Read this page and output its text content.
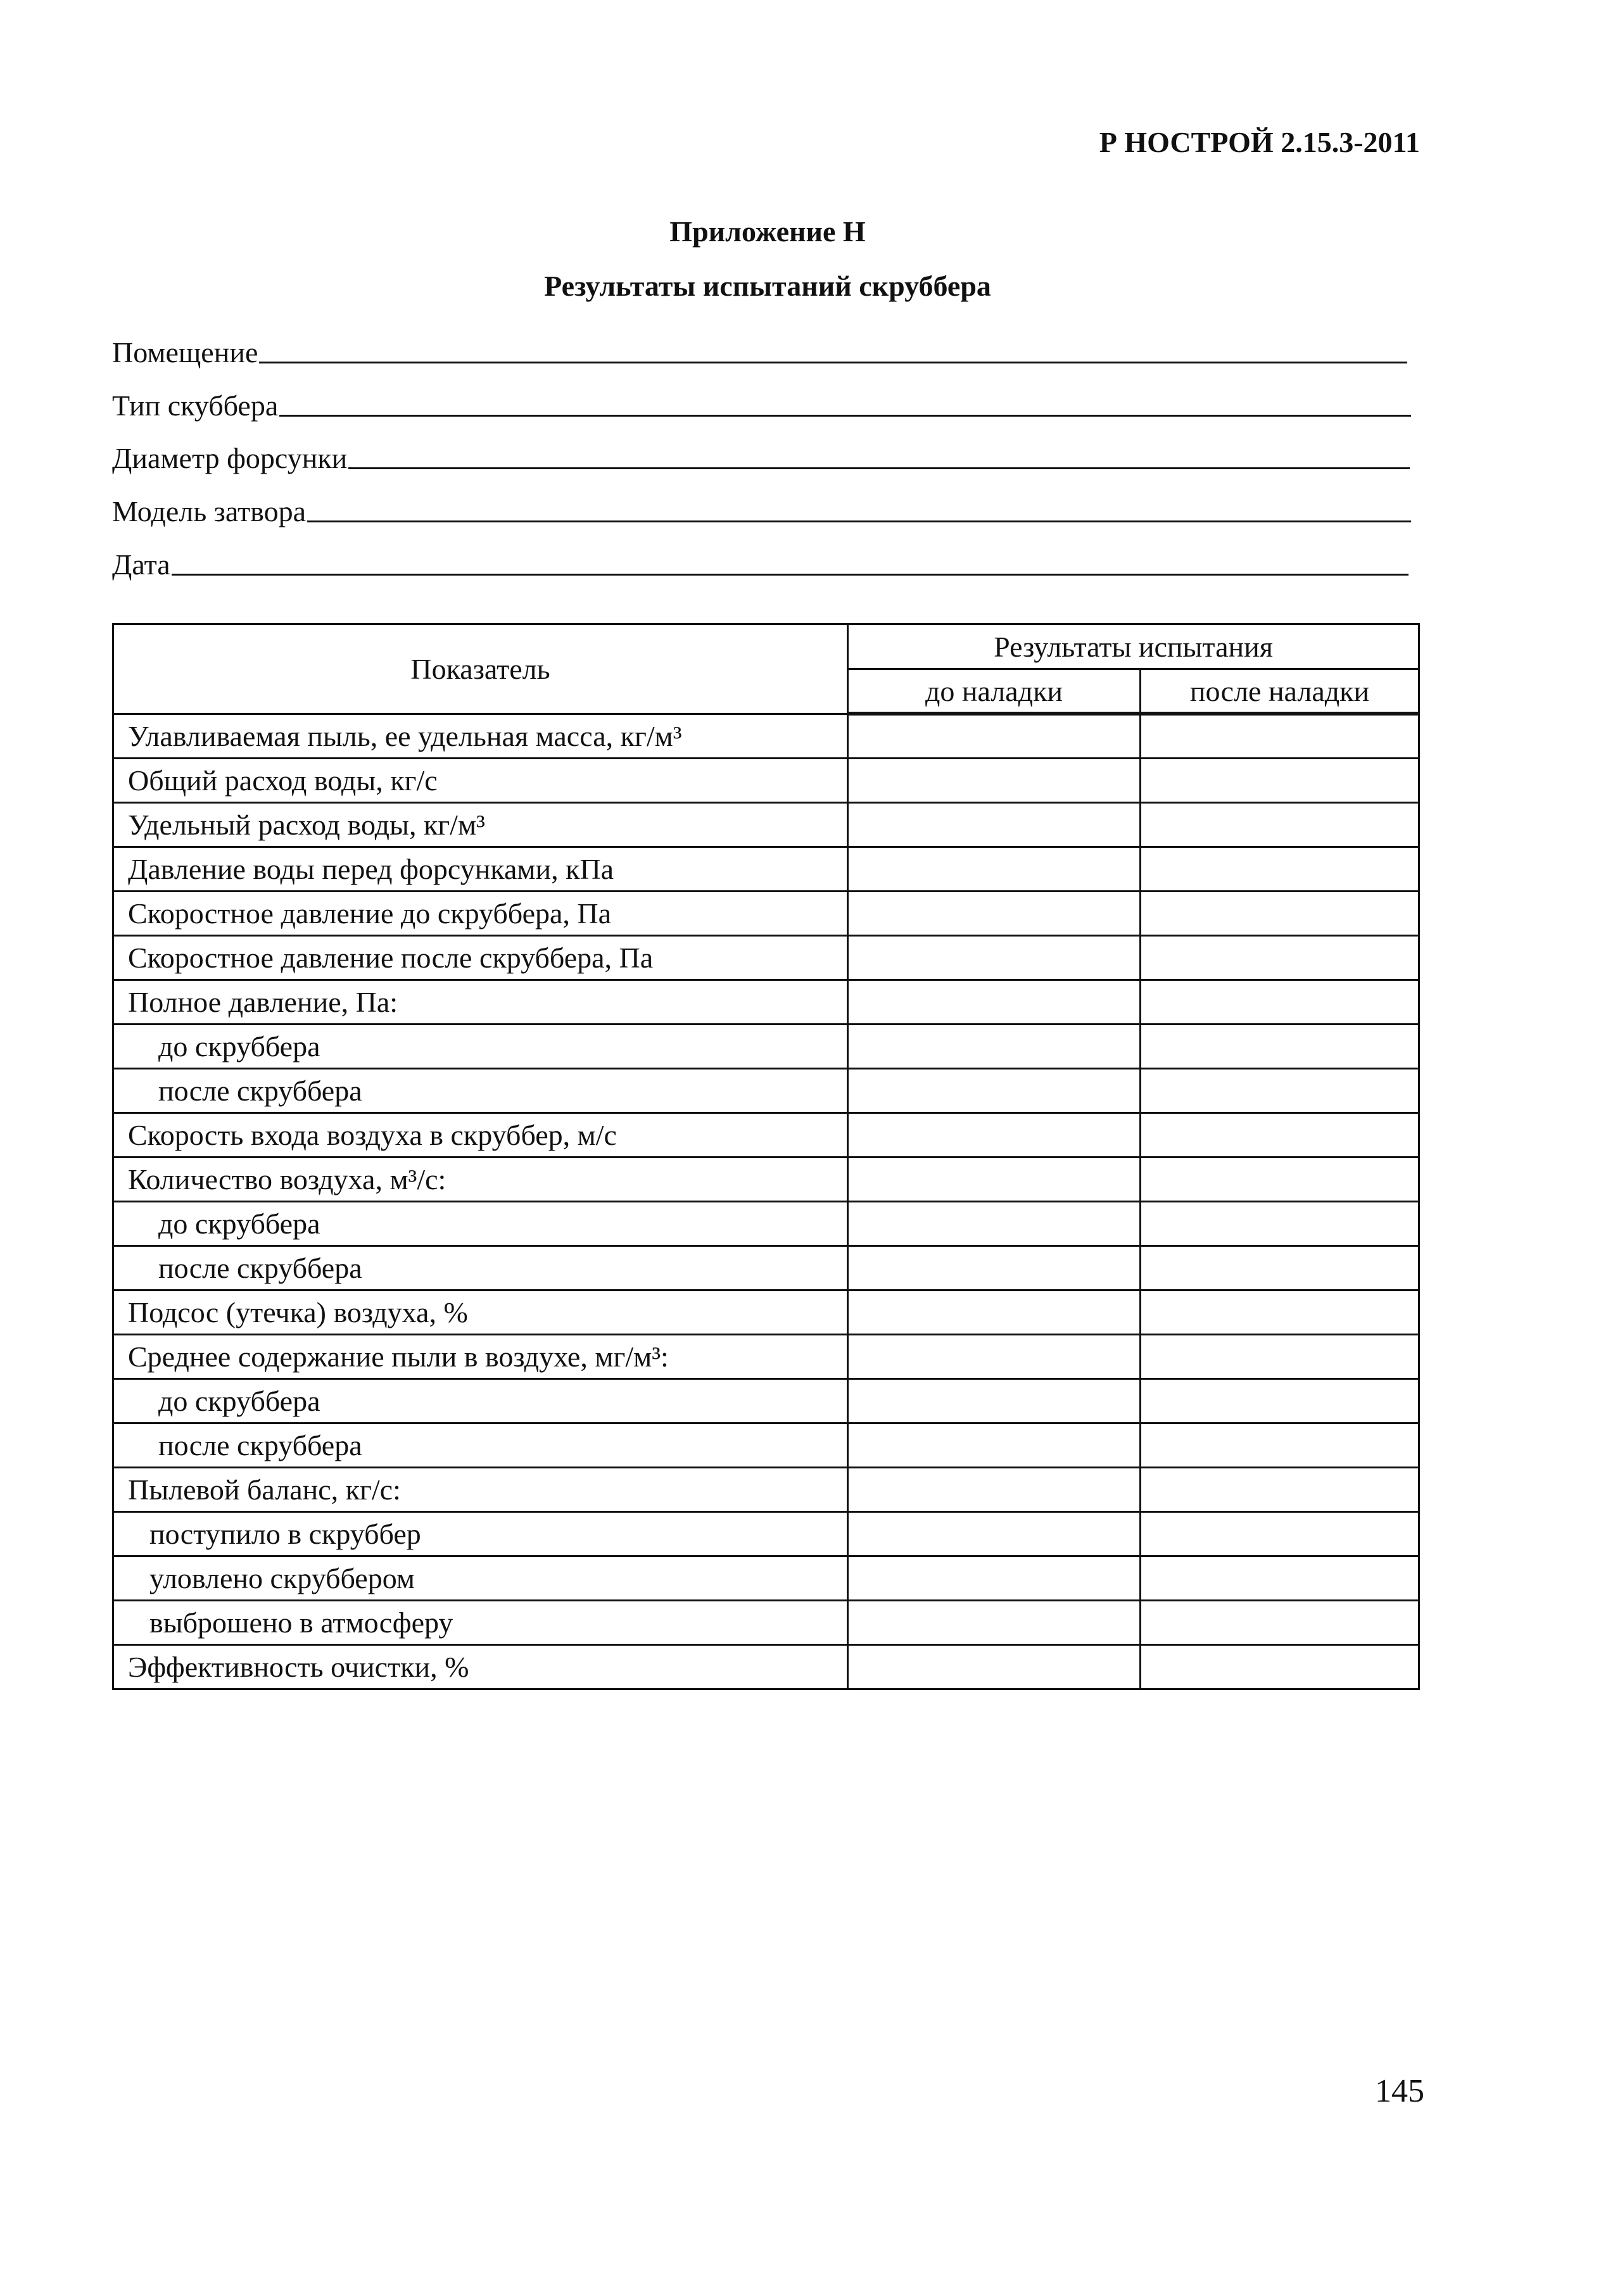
Р НОСТРОЙ 2.15.3-2011
Приложение Н
Результаты испытаний скруббера
Помещение
Тип скуббера
Диаметр форсунки
Модель затвора
Дата
Показатель	Результаты испытания	
	до наладки	после наладки
Улавливаемая пыль, ее удельная масса, кг/м³		
Общий расход воды, кг/с		
Удельный расход воды, кг/м³		
Давление воды перед форсунками, кПа		
Скоростное давление до скруббера, Па		
Скоростное давление после скруббера, Па		
Полное давление, Па:		
до скруббера		
после скруббера		
Скорость входа воздуха в скруббер, м/с		
Количество воздуха, м³/с:		
до скруббера		
после скруббера		
Подсос (утечка) воздуха, %		
Среднее содержание пыли в воздухе, мг/м³:		
до скруббера		
после скруббера		
Пылевой баланс, кг/с:		
поступило в скруббер		
уловлено скруббером		
выброшено в атмосферу		
Эффективность очистки, %		
145
